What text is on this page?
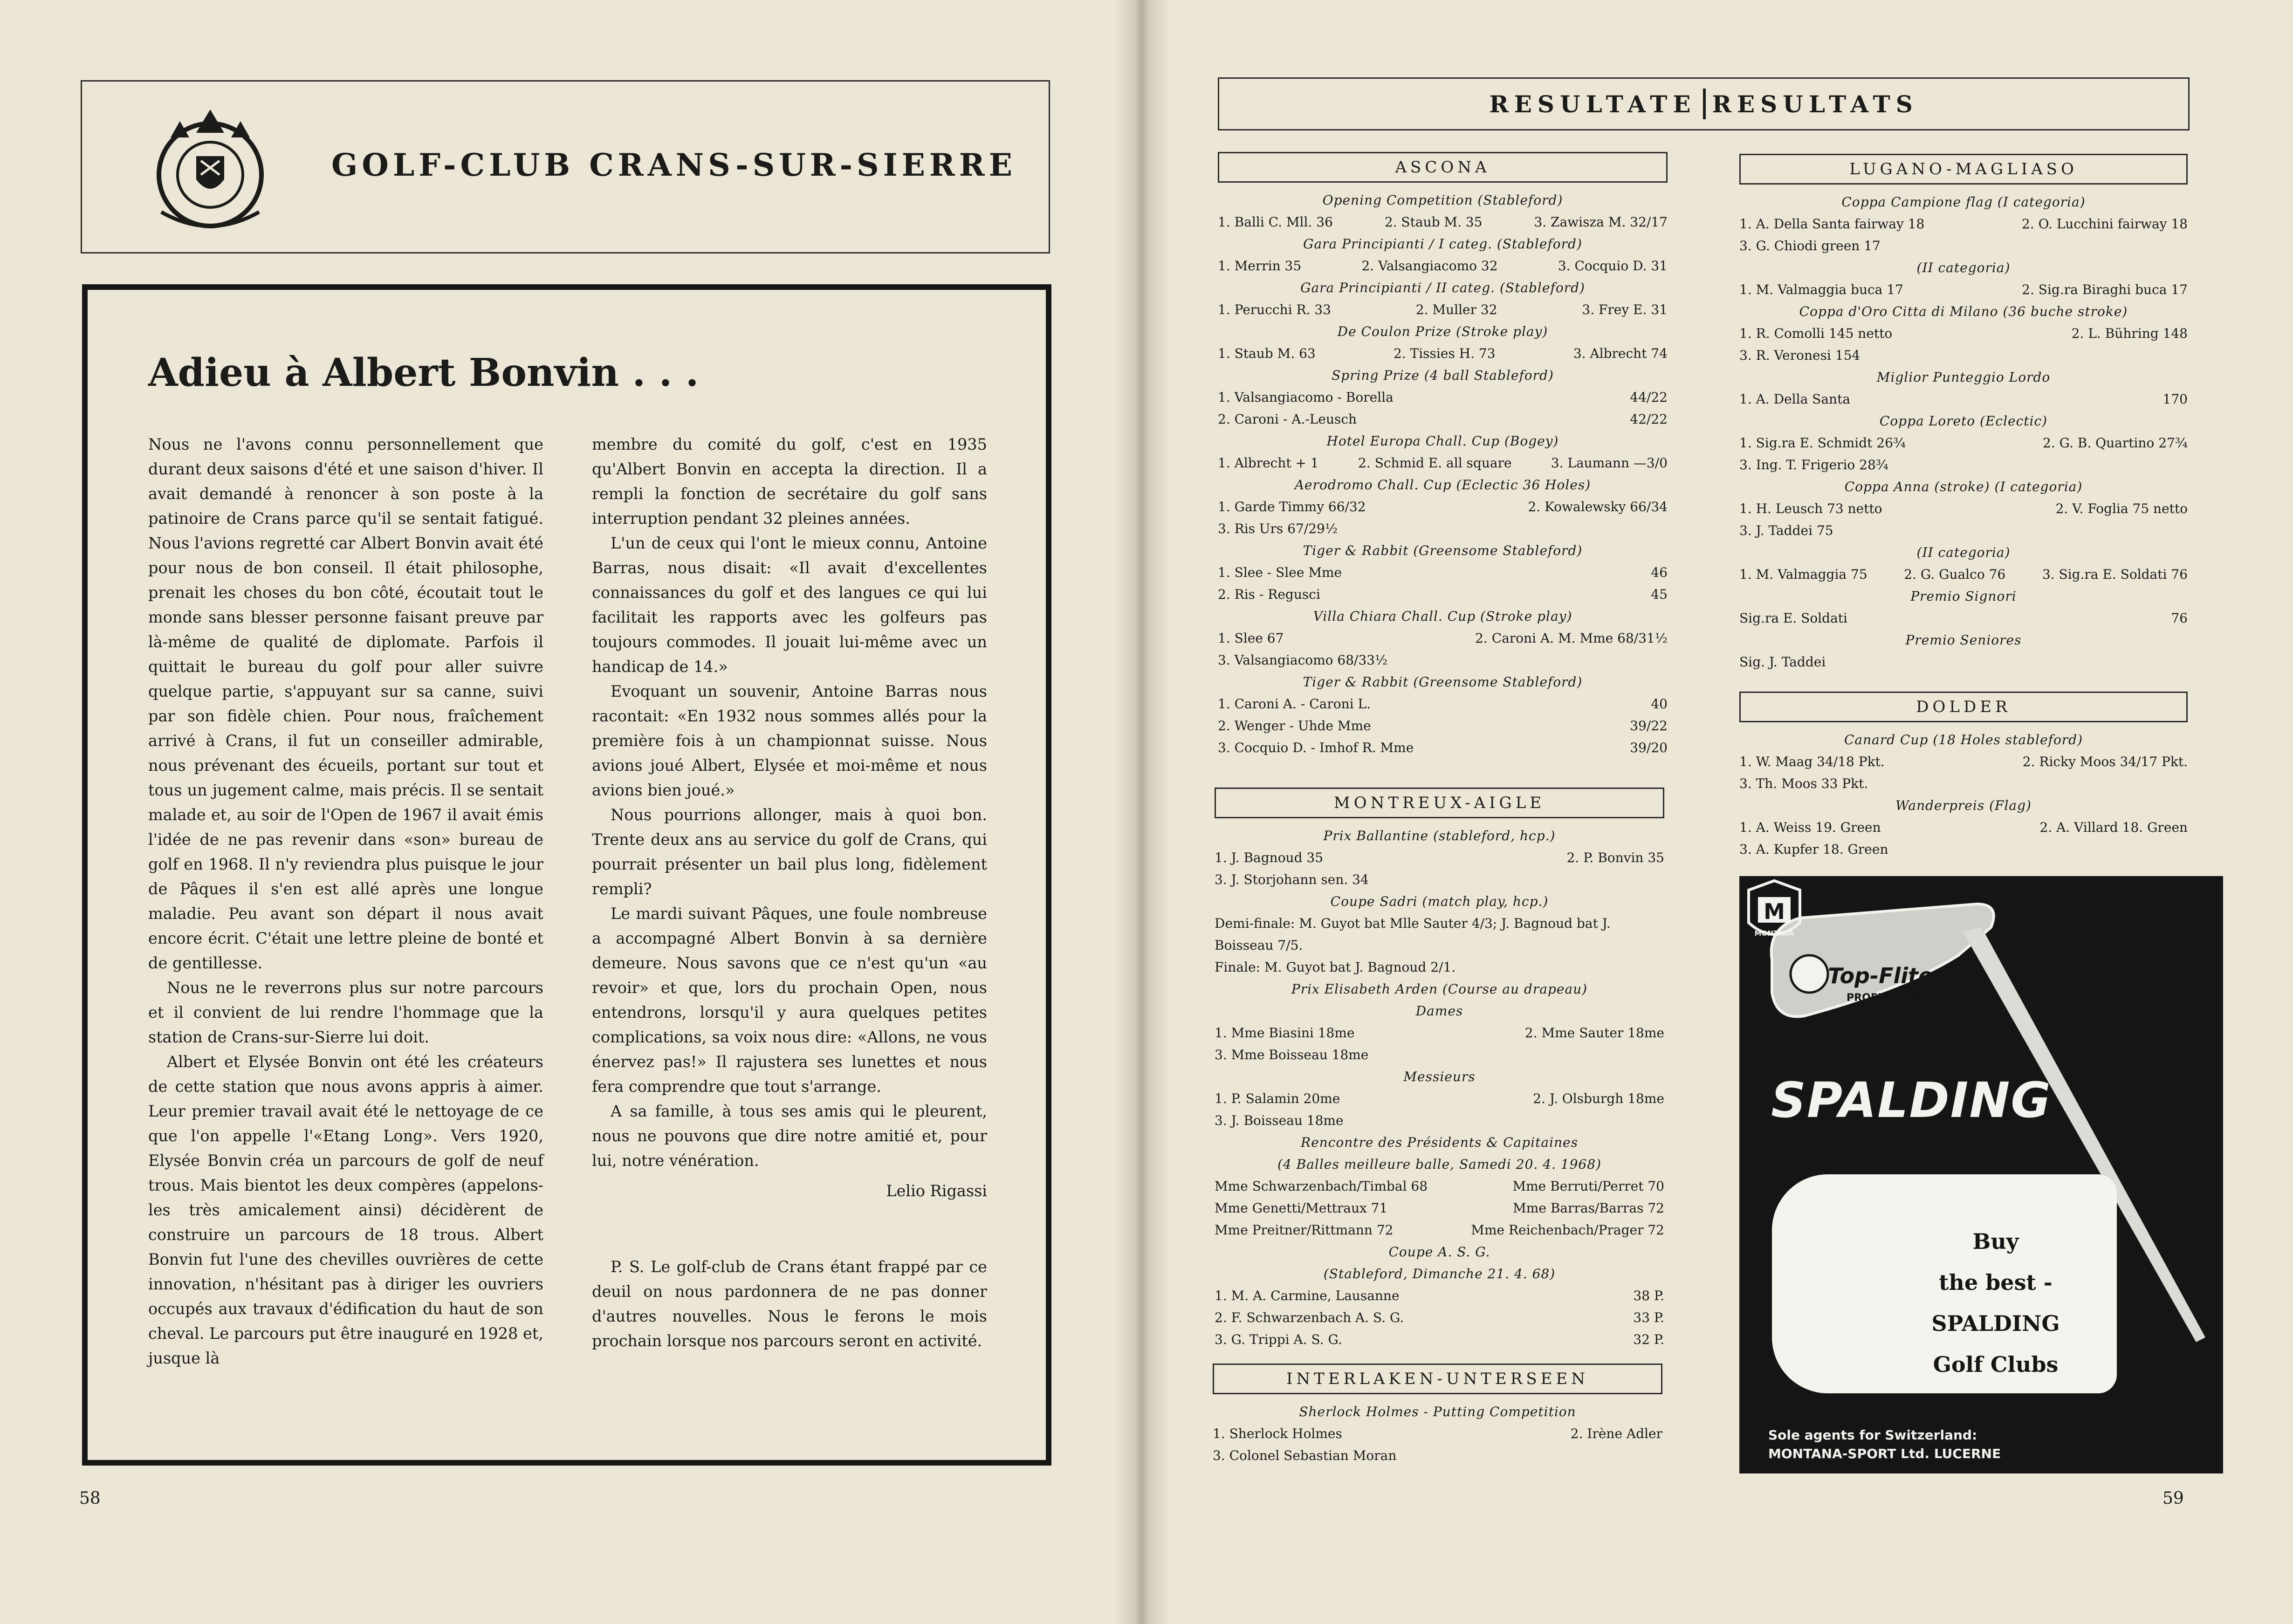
GOLF-CLUB CRANS-SUR-SIERRE
Adieu à Albert Bonvin . . .

Nous ne l'avons connu personnellement que durant deux saisons d'été et une saison d'hiver. Il avait demandé à renoncer à son poste à la patinoire de Crans parce qu'il se sentait fatigué. Nous l'avions regretté car Albert Bonvin avait été pour nous de bon conseil. Il était philosophe, prenait les choses du bon côté, écoutait tout le monde sans blesser personne faisant preuve par là-même de qualité de diplomate. Parfois il quittait le bureau du golf pour aller suivre quelque partie, s'appuyant sur sa canne, suivi par son fidèle chien. Pour nous, fraîchement arrivé à Crans, il fut un conseiller admirable, nous prévenant des écueils, portant sur tout et tous un jugement calme, mais précis. Il se sentait malade et, au soir de l'Open de 1967 il avait émis l'idée de ne pas revenir dans «son» bureau de golf en 1968. Il n'y reviendra plus puisque le jour de Pâques il s'en est allé après une longue maladie. Peu avant son départ il nous avait encore écrit. C'était une lettre pleine de bonté et de gentillesse.

Nous ne le reverrons plus sur notre parcours et il convient de lui rendre l'hommage que la station de Crans-sur-Sierre lui doit.

Albert et Elysée Bonvin ont été les créateurs de cette station que nous avons appris à aimer. Leur premier travail avait été le nettoyage de ce que l'on appelle l'«Etang Long». Vers 1920, Elysée Bonvin créa un parcours de golf de neuf trous. Mais bientot les deux compères (appelons-les très amicalement ainsi) décidèrent de construire un parcours de 18 trous. Albert Bonvin fut l'une des chevilles ouvrières de cette innovation, n'hésitant pas à diriger les ouvriers occupés aux travaux d'édification du haut de son cheval. Le parcours put être inauguré en 1928 et, jusque là

membre du comité du golf, c'est en 1935 qu'Albert Bonvin en accepta la direction. Il a rempli la fonction de secrétaire du golf sans interruption pendant 32 pleines années.

L'un de ceux qui l'ont le mieux connu, Antoine Barras, nous disait: «Il avait d'excellentes connaissances du golf et des langues ce qui lui facilitait les rapports avec les golfeurs pas toujours commodes. Il jouait lui-même avec un handicap de 14.»

Evoquant un souvenir, Antoine Barras nous racontait: «En 1932 nous sommes allés pour la première fois à un championnat suisse. Nous avions joué Albert, Elysée et moi-même et nous avions bien joué.»

Nous pourrions allonger, mais à quoi bon. Trente deux ans au service du golf de Crans, qui pourrait présenter un bail plus long, fidèlement rempli?

Le mardi suivant Pâques, une foule nombreuse a accompagné Albert Bonvin à sa dernière demeure. Nous savons que ce n'est qu'un «au revoir» et que, lors du prochain Open, nous entendrons, lorsqu'il y aura quelques petites complications, sa voix nous dire: «Allons, ne vous énervez pas!» Il rajustera ses lunettes et nous fera comprendre que tout s'arrange.

A sa famille, à tous ses amis qui le pleurent, nous ne pouvons que dire notre amitié et, pour lui, notre vénération.

Lelio Rigassi

P. S. Le golf-club de Crans étant frappé par ce deuil on nous pardonnera de ne pas donner d'autres nouvelles. Nous le ferons le mois prochain lorsque nos parcours seront en activité.

58
RESULTATE RESULTATS
ASCONA
Opening Competition (Stableford)
1. Balli C. Mll. 36	2. Staub M. 35	3. Zawisza M. 32/17
Gara Principianti / I categ. (Stableford)
1. Merrin 35	2. Valsangiacomo 32	3. Cocquio D. 31
Gara Principianti / II categ. (Stableford)
1. Perucchi R. 33	2. Muller 32	3. Frey E. 31
De Coulon Prize (Stroke play)
1. Staub M. 63	2. Tissies H. 73	3. Albrecht 74
Spring Prize (4 ball Stableford)
1. Valsangiacomo - Borella	44/22
2. Caroni - A.-Leusch	42/22
Hotel Europa Chall. Cup (Bogey)
1. Albrecht + 1	2. Schmid E. all square	3. Laumann —3/0
Aerodromo Chall. Cup (Eclectic 36 Holes)
1. Garde Timmy 66/32	2. Kowalewsky 66/34
3. Ris Urs 67/29½
Tiger & Rabbit (Greensome Stableford)
1. Slee - Slee Mme	46
2. Ris - Regusci	45
Villa Chiara Chall. Cup (Stroke play)
1. Slee 67	2. Caroni A. M. Mme 68/31½
3. Valsangiacomo 68/33½
Tiger & Rabbit (Greensome Stableford)
1. Caroni A. - Caroni L.	40
2. Wenger - Uhde Mme	39/22
3. Cocquio D. - Imhof R. Mme	39/20
MONTREUX-AIGLE
Prix Ballantine (stableford, hcp.)
1. J. Bagnoud 35	2. P. Bonvin 35
3. J. Storjohann sen. 34
Coupe Sadri (match play, hcp.)
Demi-finale: M. Guyot bat Mlle Sauter 4/3; J. Bagnoud bat J. Boisseau 7/5.
Finale: M. Guyot bat J. Bagnoud 2/1.
Prix Elisabeth Arden (Course au drapeau)
Dames
1. Mme Biasini 18me	2. Mme Sauter 18me
3. Mme Boisseau 18me
Messieurs
1. P. Salamin 20me	2. J. Olsburgh 18me
3. J. Boisseau 18me
Rencontre des Présidents & Capitaines
(4 Balles meilleure balle, Samedi 20. 4. 1968)
Mme Schwarzenbach/Timbal 68	Mme Berruti/Perret 70
Mme Genetti/Mettraux 71	Mme Barras/Barras 72
Mme Preitner/Rittmann 72	Mme Reichenbach/Prager 72
Coupe A. S. G.
(Stableford, Dimanche 21. 4. 68)
1. M. A. Carmine, Lausanne	38 P.
2. F. Schwarzenbach A. S. G.	33 P.
3. G. Trippi A. S. G.	32 P.
INTERLAKEN-UNTERSEEN
Sherlock Holmes - Putting Competition
1. Sherlock Holmes	2. Irène Adler
3. Colonel Sebastian Moran
LUGANO-MAGLIASO
Coppa Campione flag (I categoria)
1. A. Della Santa fairway 18	2. O. Lucchini fairway 18
3. G. Chiodi green 17
(II categoria)
1. M. Valmaggia buca 17	2. Sig.ra Biraghi buca 17
Coppa d'Oro Citta di Milano (36 buche stroke)
1. R. Comolli 145 netto	2. L. Bühring 148
3. R. Veronesi 154
Miglior Punteggio Lordo
1. A. Della Santa	170
Coppa Loreto (Eclectic)
1. Sig.ra E. Schmidt 26¾	2. G. B. Quartino 27¾
3. Ing. T. Frigerio 28¾
Coppa Anna (stroke) (I categoria)
1. H. Leusch 73 netto	2. V. Foglia 75 netto
3. J. Taddei 75
(II categoria)
1. M. Valmaggia 75	2. G. Gualco 76	3. Sig.ra E. Soldati 76
Premio Signori
Sig.ra E. Soldati	76
Premio Seniores
Sig. J. Taddei
DOLDER
Canard Cup (18 Holes stableford)
1. W. Maag 34/18 Pkt.	2. Ricky Moos 34/17 Pkt.
3. Th. Moos 33 Pkt.
Wanderpreis (Flag)
1. A. Weiss 19. Green	2. A. Villard 18. Green
3. A. Kupfer 18. Green
Top-Flite
PROFESSIONAL
SPALDING
M
MONTANA
Buy
the best -
SPALDING
Golf Clubs
Sole agents for Switzerland:
MONTANA-SPORT Ltd. LUCERNE
59
